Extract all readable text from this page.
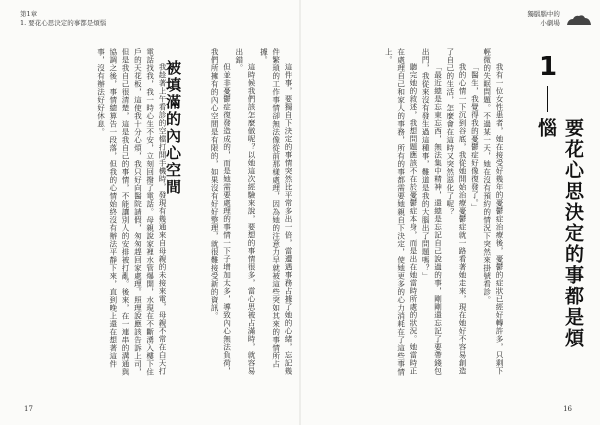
第1章
1. 要花心思決定的事都是煩惱

我趁著上午看診的空檔打開手機時，發現有幾通來自母親的未接來電，母親不常在白天打電話找我，我一時心生不安，立刻回撥了電話。母親說家裡水管爆開，水現在不斷湧入樓下住戶的天花板，這使我十分心煩，我只好向醫院請假，匆匆趕回家處理。照理說應該告訴上司，但是我自己很清楚，這是我自己的事情，不能讓別人的安排被打亂。後來，在一連串的溝通與協調之後，事情總算告一段落，但我的心情始終沒有辦法平靜下來，直到晚上還在想著這件事，沒有辦法好好休息。	被填滿的內心空間	這件事，要獨自下決定的事情突然比平常多出一倍，當遭遇事務占據了她的心緒，忘記幾件繁瑣的工作事情卻無法像從前那樣處理，因為她的注意力早就被這些突如其來的事情所占據。

這時候我們該怎麼做呢？以她這次經驗來說，要想的事情很多，當心思被占滿時，就容易出錯。

但並非憂鬱症復發造成的，而是她需要處理的事情一下子增加太多，導致內心無法負荷，我們所擁有的內心空間是有限的，如果沒有好好整理，就很難接受新的資訊。

17
獨腦腦中的
小劇場

我有一位女性患者，她在接受好幾年的憂鬱症治療後，憂鬱的症狀已經好轉許多，只剩下輕微的失眠問題。不過某一天，她在沒有預約的情況下突然來掛號看診。

「醫生，我覺得我的憂鬱症好像復發了。」

我的心情一下沉到谷底，我從她開始治療憂鬱症就一路看著她走來，現在她好不容易創造了自己的生活，怎麼會在這時又突然惡化了呢？

「最近總是忘東忘西，無法集中精神，還總是忘記自己說過的事，剛剛還忘記了要帶錢包出門，我從來沒有發生過這種事，難道是我的大腦出了問題嗎？」

聽完她的敘述，我想問題應該不在於憂鬱症本身，而是出在她當時所處的狀況。她當時正在處理自己和家人的事務，所有的事都需要她親自下決定，使她更多的心力消耗在了這些事情上。	1
要花心思決定的事都是煩惱
16
